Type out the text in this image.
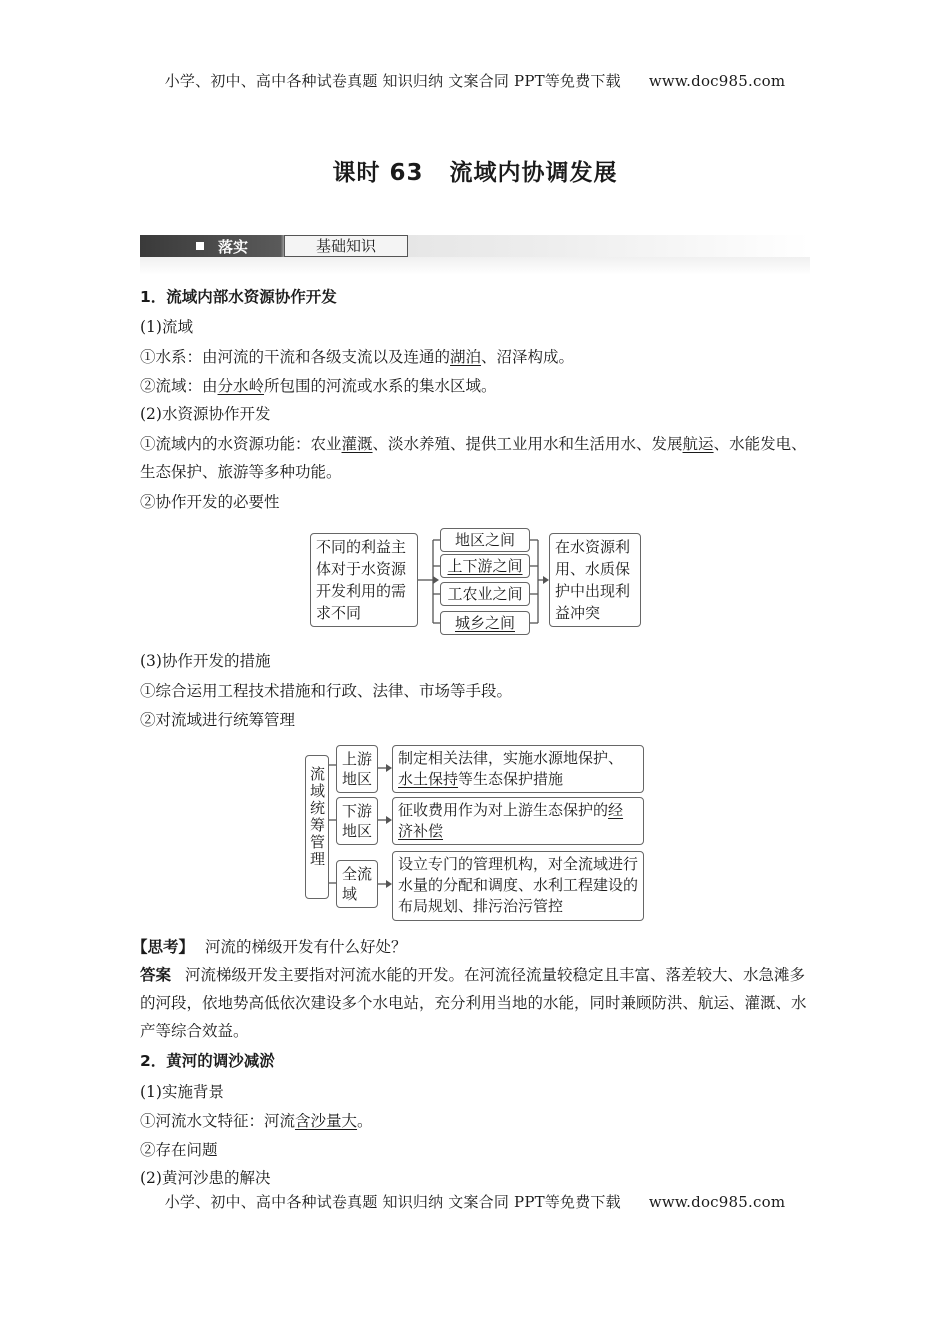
小学、初中、高中各种试卷真题 知识归纳 文案合同 PPT等免费下载 www.doc985.com
课时 63 流域内协调发展
落实	基础知识
1．流域内部水资源协作开发
(1)流域
①水系：由河流的干流和各级支流以及连通的湖泊、沼泽构成。
②流域：由分水岭所包围的河流或水系的集水区域。
(2)水资源协作开发
①流域内的水资源功能：农业灌溉、淡水养殖、提供工业用水和生活用水、发展航运、水能发电、生态保护、旅游等多种功能。
②协作开发的必要性
不同的利益主体对于水资源开发利用的需求不同
地区之间
上下游之间
工农业之间
城乡之间
在水资源利用、水质保护中出现利益冲突
(3)协作开发的措施
①综合运用工程技术措施和行政、法律、市场等手段。
②对流域进行统筹管理
流域统筹管理
上游地区
制定相关法律，实施水源地保护、水土保持等生态保护措施
下游地区
征收费用作为对上游生态保护的经济补偿
全流域
设立专门的管理机构，对全流域进行水量的分配和调度、水利工程建设的布局规划、排污治污管控
【思考】 河流的梯级开发有什么好处？
答案 河流梯级开发主要指对河流水能的开发。在河流径流量较稳定且丰富、落差较大、水急滩多的河段，依地势高低依次建设多个水电站，充分利用当地的水能，同时兼顾防洪、航运、灌溉、水产等综合效益。
2．黄河的调沙减淤
(1)实施背景
①河流水文特征：河流含沙量大。
②存在问题
(2)黄河沙患的解决
小学、初中、高中各种试卷真题 知识归纳 文案合同 PPT等免费下载 www.doc985.com
